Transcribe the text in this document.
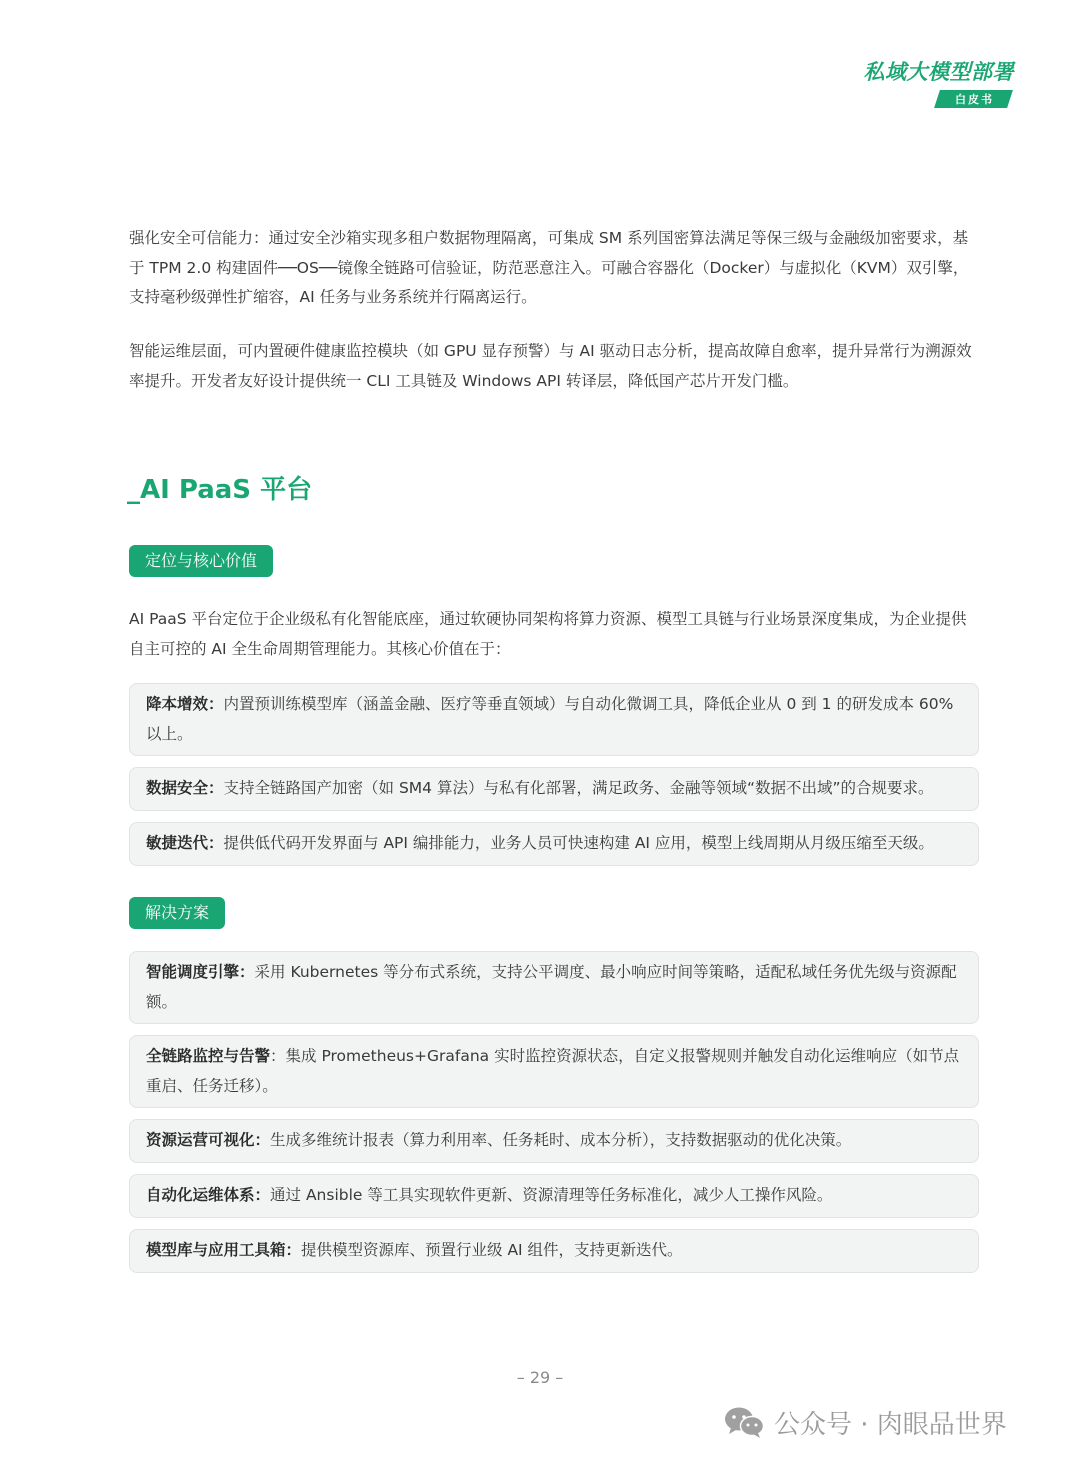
私域大模型部署
白皮书

强化安全可信能力：通过安全沙箱实现多租户数据物理隔离，可集成 SM 系列国密算法满足等保三级与金融级加密要求，基于 TPM 2.0 构建固件──OS──镜像全链路可信验证，防范恶意注入。可融合容器化（Docker）与虚拟化（KVM）双引擎，支持毫秒级弹性扩缩容，AI 任务与业务系统并行隔离运行。

智能运维层面，可内置硬件健康监控模块（如 GPU 显存预警）与 AI 驱动日志分析，提高故障自愈率，提升异常行为溯源效率提升。开发者友好设计提供统一 CLI 工具链及 Windows API 转译层，降低国产芯片开发门槛。

_AI PaaS 平台
定位与核心价值

AI PaaS 平台定位于企业级私有化智能底座，通过软硬协同架构将算力资源、模型工具链与行业场景深度集成，为企业提供自主可控的 AI 全生命周期管理能力。其核心价值在于：

降本增效：内置预训练模型库（涵盖金融、医疗等垂直领域）与自动化微调工具，降低企业从 0 到 1 的研发成本 60% 以上。
数据安全：支持全链路国产加密（如 SM4 算法）与私有化部署，满足政务、金融等领域“数据不出域”的合规要求。
敏捷迭代：提供低代码开发界面与 API 编排能力，业务人员可快速构建 AI 应用，模型上线周期从月级压缩至天级。
解决方案
智能调度引擎：采用 Kubernetes 等分布式系统，支持公平调度、最小响应时间等策略，适配私域任务优先级与资源配额。
全链路监控与告警：集成 Prometheus+Grafana 实时监控资源状态，自定义报警规则并触发自动化运维响应（如节点重启、任务迁移）。
资源运营可视化：生成多维统计报表（算力利用率、任务耗时、成本分析），支持数据驱动的优化决策。
自动化运维体系：通过 Ansible 等工具实现软件更新、资源清理等任务标准化，减少人工操作风险。
模型库与应用工具箱：提供模型资源库、预置行业级 AI 组件，支持更新迭代。
– 29 –
公众号 · 肉眼品世界
